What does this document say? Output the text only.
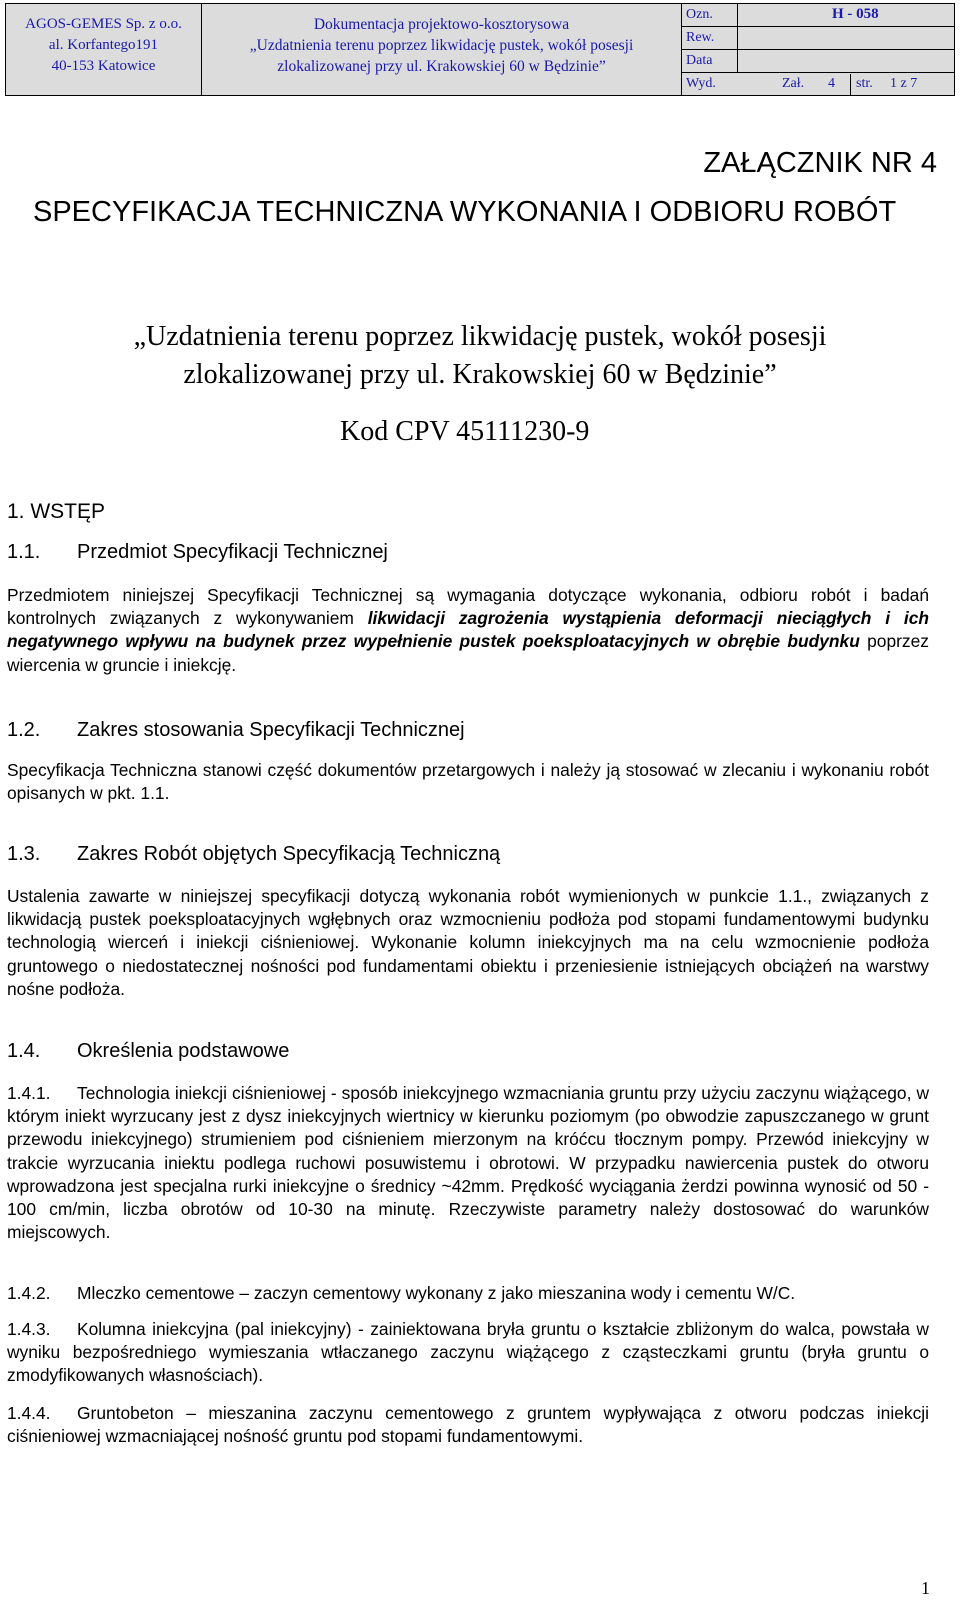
AGOS-GEMES Sp. z o.o.
al. Korfantego191
40-153 Katowice
Dokumentacja projektowo-kosztorysowa
„Uzdatnienia terenu poprzez likwidację pustek, wokół posesji
zlokalizowanej przy ul. Krakowskiej 60 w Będzinie”
Ozn.
Rew.
Data
H - 058
Wyd.	Zał. 4 str. 1 z 7
ZAŁĄCZNIK NR 4
SPECYFIKACJA TECHNICZNA WYKONANIA I ODBIORU ROBÓT
„Uzdatnienia terenu poprzez likwidację pustek, wokół posesji
zlokalizowanej przy ul. Krakowskiej 60 w Będzinie”
Kod CPV 45111230-9
1. WSTĘP
1.1. Przedmiot Specyfikacji Technicznej
Przedmiotem niniejszej Specyfikacji Technicznej są wymagania dotyczące wykonania, odbioru robót i badań kontrolnych związanych z wykonywaniem likwidacji zagrożenia wystąpienia deformacji nieciągłych i ich negatywnego wpływu na budynek przez wypełnienie pustek poeksploatacyjnych w obrębie budynku poprzez wiercenia w gruncie i iniekcję.
1.2. Zakres stosowania Specyfikacji Technicznej
Specyfikacja Techniczna stanowi część dokumentów przetargowych i należy ją stosować w zlecaniu i wykonaniu robót opisanych w pkt. 1.1.
1.3. Zakres Robót objętych Specyfikacją Techniczną
Ustalenia zawarte w niniejszej specyfikacji dotyczą wykonania robót wymienionych w punkcie 1.1., związanych z likwidacją pustek poeksploatacyjnych wgłębnych oraz wzmocnieniu podłoża pod stopami fundamentowymi budynku technologią wierceń i iniekcji ciśnieniowej. Wykonanie kolumn iniekcyjnych ma na celu wzmocnienie podłoża gruntowego o niedostatecznej nośności pod fundamentami obiektu i przeniesienie istniejących obciążeń na warstwy nośne podłoża.
1.4. Określenia podstawowe
1.4.1. Technologia iniekcji ciśnieniowej - sposób iniekcyjnego wzmacniania gruntu przy użyciu zaczynu wiążącego, w którym iniekt wyrzucany jest z dysz iniekcyjnych wiertnicy w kierunku poziomym (po obwodzie zapuszczanego w grunt przewodu iniekcyjnego) strumieniem pod ciśnieniem mierzonym na króćcu tłocznym pompy. Przewód iniekcyjny w trakcie wyrzucania iniektu podlega ruchowi posuwistemu i obrotowi. W przypadku nawiercenia pustek do otworu wprowadzona jest specjalna rurki iniekcyjne o średnicy ~42mm. Prędkość wyciągania żerdzi powinna wynosić od 50 - 100 cm/min, liczba obrotów od 10-30 na minutę. Rzeczywiste parametry należy dostosować do warunków miejscowych.
1.4.2. Mleczko cementowe – zaczyn cementowy wykonany z jako mieszanina wody i cementu W/C.
1.4.3. Kolumna iniekcyjna (pal iniekcyjny) - zainiektowana bryła gruntu o kształcie zbliżonym do walca, powstała w wyniku bezpośredniego wymieszania wtłaczanego zaczynu wiążącego z cząsteczkami gruntu (bryła gruntu o zmodyfikowanych własnościach).
1.4.4. Gruntobeton – mieszanina zaczynu cementowego z gruntem wypływająca z otworu podczas iniekcji ciśnieniowej wzmacniającej nośność gruntu pod stopami fundamentowymi.
1
